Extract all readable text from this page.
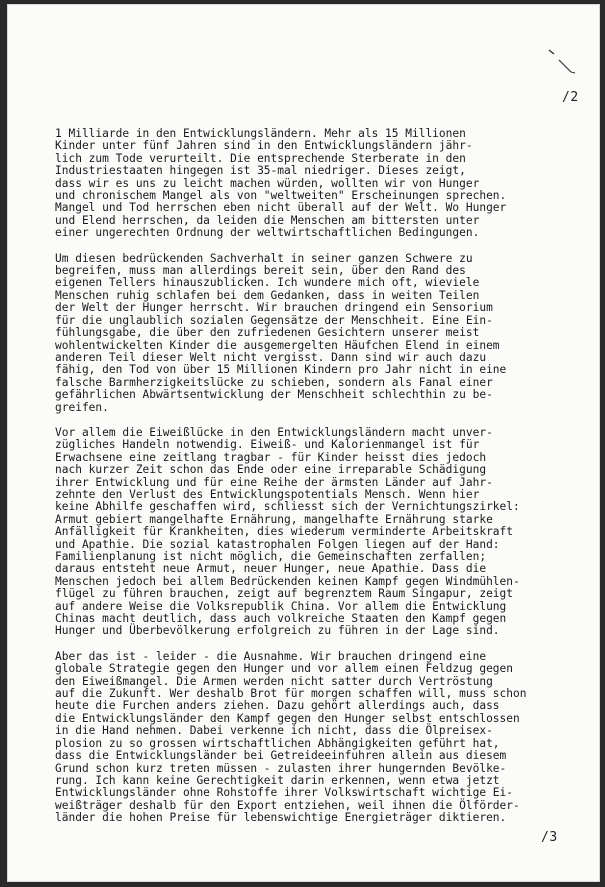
/2
1 Milliarde in den Entwicklungsländern. Mehr als 15 Millionen
Kinder unter fünf Jahren sind in den Entwicklungsländern jähr-
lich zum Tode verurteilt. Die entsprechende Sterberate in den
Industriestaaten hingegen ist 35-mal niedriger. Dieses zeigt,
dass wir es uns zu leicht machen würden, wollten wir von Hunger
und chronischem Mangel als von "weltweiten" Erscheinungen sprechen.
Mangel und Tod herrschen eben nicht überall auf der Welt. Wo Hunger
und Elend herrschen, da leiden die Menschen am bittersten unter
einer ungerechten Ordnung der weltwirtschaftlichen Bedingungen.
Um diesen bedrückenden Sachverhalt in seiner ganzen Schwere zu
begreifen, muss man allerdings bereit sein, über den Rand des
eigenen Tellers hinauszublicken. Ich wundere mich oft, wieviele
Menschen ruhig schlafen bei dem Gedanken, dass in weiten Teilen
der Welt der Hunger herrscht. Wir brauchen dringend ein Sensorium
für die unglaublich sozialen Gegensätze der Menschheit. Eine Ein-
fühlungsgabe, die über den zufriedenen Gesichtern unserer meist
wohlentwickelten Kinder die ausgemergelten Häufchen Elend in einem
anderen Teil dieser Welt nicht vergisst. Dann sind wir auch dazu
fähig, den Tod von über 15 Millionen Kindern pro Jahr nicht in eine
falsche Barmherzigkeitslücke zu schieben, sondern als Fanal einer
gefährlichen Abwärtsentwicklung der Menschheit schlechthin zu be-
greifen.
Vor allem die Eiweißlücke in den Entwicklungsländern macht unver-
zügliches Handeln notwendig. Eiweiß- und Kalorienmangel ist für
Erwachsene eine zeitlang tragbar - für Kinder heisst dies jedoch
nach kurzer Zeit schon das Ende oder eine irreparable Schädigung
ihrer Entwicklung und für eine Reihe der ärmsten Länder auf Jahr-
zehnte den Verlust des Entwicklungspotentials Mensch. Wenn hier
keine Abhilfe geschaffen wird, schliesst sich der Vernichtungszirkel:
Armut gebiert mangelhafte Ernährung, mangelhafte Ernährung starke
Anfälligkeit für Krankheiten, dies wiederum verminderte Arbeitskraft
und Apathie. Die sozial katastrophalen Folgen liegen auf der Hand:
Familienplanung ist nicht möglich, die Gemeinschaften zerfallen;
daraus entsteht neue Armut, neuer Hunger, neue Apathie. Dass die
Menschen jedoch bei allem Bedrückenden keinen Kampf gegen Windmühlen-
flügel zu führen brauchen, zeigt auf begrenztem Raum Singapur, zeigt
auf andere Weise die Volksrepublik China. Vor allem die Entwicklung
Chinas macht deutlich, dass auch volkreiche Staaten den Kampf gegen
Hunger und Überbevölkerung erfolgreich zu führen in der Lage sind.
Aber das ist - leider - die Ausnahme. Wir brauchen dringend eine
globale Strategie gegen den Hunger und vor allem einen Feldzug gegen
den Eiweißmangel. Die Armen werden nicht satter durch Vertröstung
auf die Zukunft. Wer deshalb Brot für morgen schaffen will, muss schon
heute die Furchen anders ziehen. Dazu gehört allerdings auch, dass
die Entwicklungsländer den Kampf gegen den Hunger selbst entschlossen
in die Hand nehmen. Dabei verkenne ich nicht, dass die Ölpreisex-
plosion zu so grossen wirtschaftlichen Abhängigkeiten geführt hat,
dass die Entwicklungsländer bei Getreideeinfuhren allein aus diesem
Grund schon kurz treten müssen - zulasten ihrer hungernden Bevölke-
rung. Ich kann keine Gerechtigkeit darin erkennen, wenn etwa jetzt
Entwicklungsländer ohne Rohstoffe ihrer Volkswirtschaft wichtige Ei-
weißträger deshalb für den Export entziehen, weil ihnen die Ölförder-
länder die hohen Preise für lebenswichtige Energieträger diktieren.
/3
